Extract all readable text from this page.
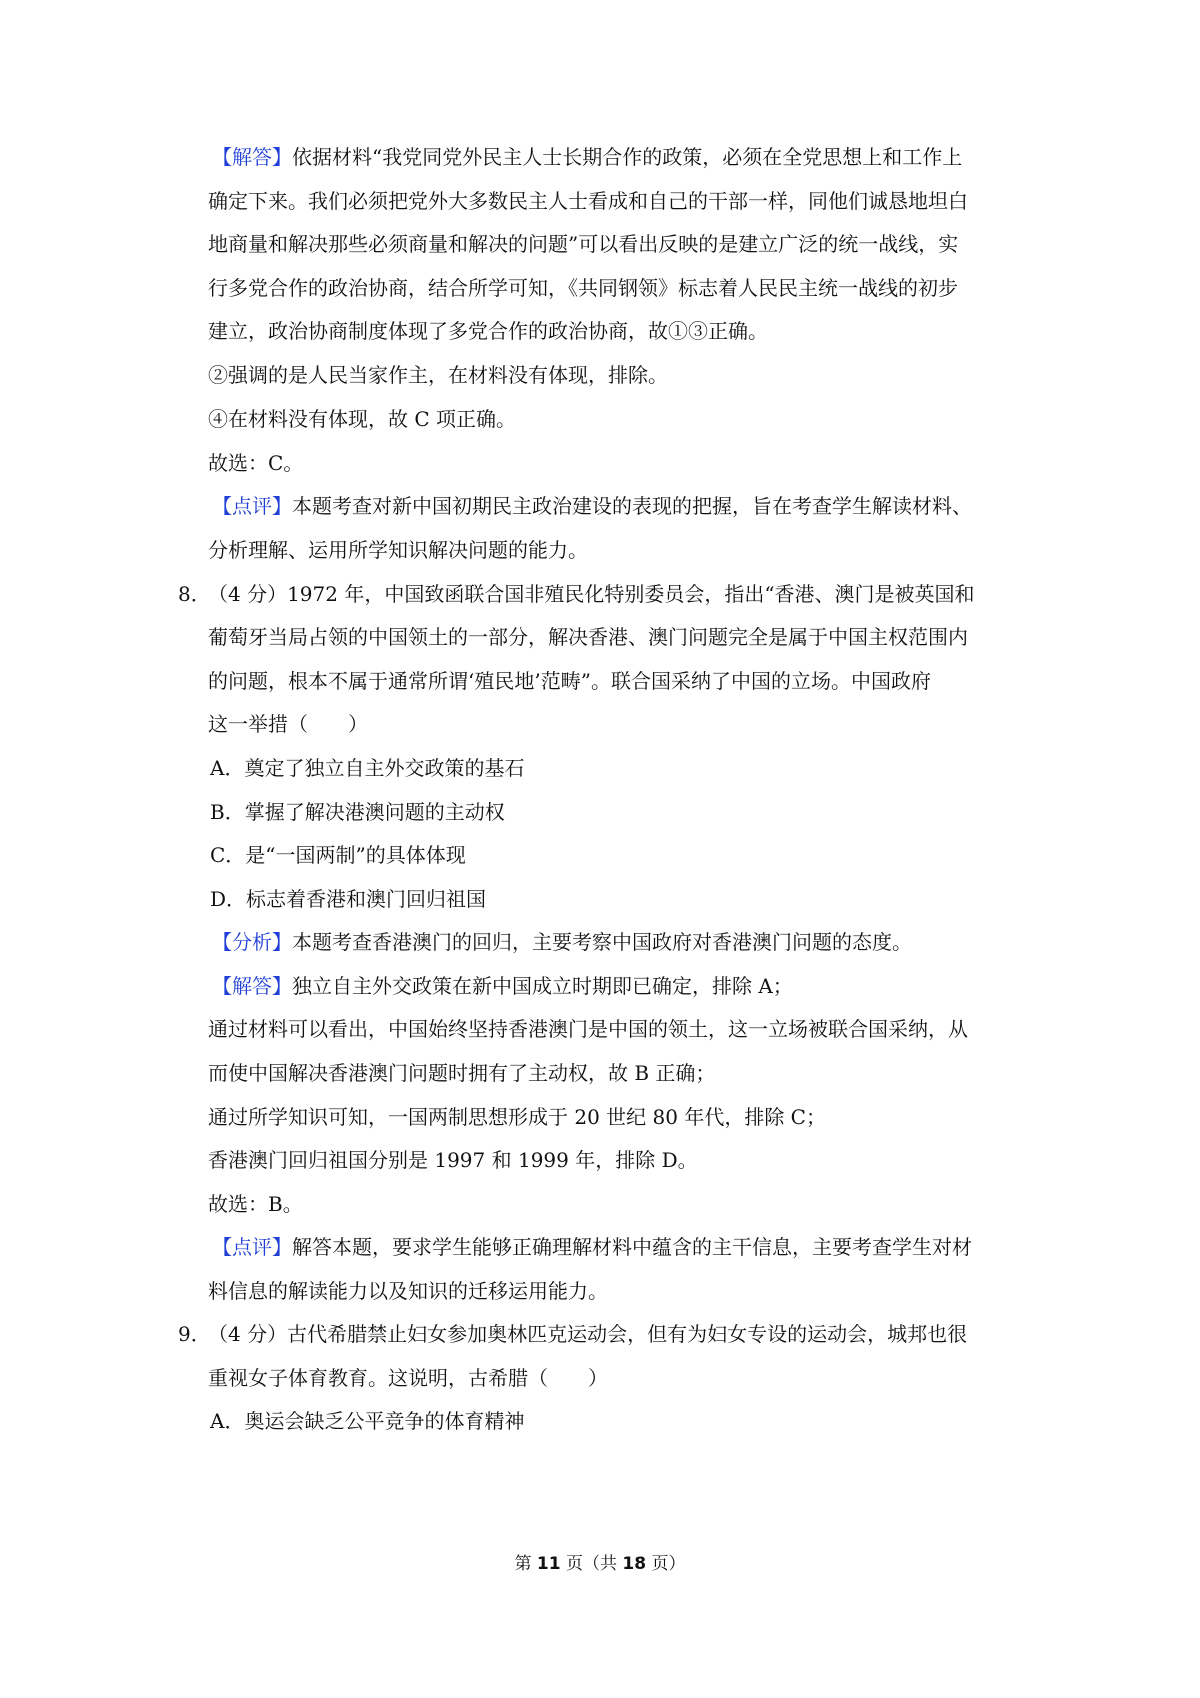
【解答】依据材料“我党同党外民主人士长期合作的政策，必须在全党思想上和工作上
确定下来。我们必须把党外大多数民主人士看成和自己的干部一样，同他们诚恳地坦白
地商量和解决那些必须商量和解决的问题”可以看出反映的是建立广泛的统一战线，实
行多党合作的政治协商，结合所学可知，《共同钢领》标志着人民民主统一战线的初步
建立，政治协商制度体现了多党合作的政治协商，故①③正确。
②强调的是人民当家作主，在材料没有体现，排除。
④在材料没有体现，故 C 项正确。
故选：C。
【点评】本题考查对新中国初期民主政治建设的表现的把握，旨在考查学生解读材料、
分析理解、运用所学知识解决问题的能力。
8．
（4 分）1972 年，中国致函联合国非殖民化特别委员会，指出“香港、澳门是被英国和
葡萄牙当局占领的中国领土的一部分，解决香港、澳门问题完全是属于中国主权范围内
的问题，根本不属于通常所谓‘殖民地’范畴”。联合国采纳了中国的立场。中国政府
这一举措（　　）
A．奠定了独立自主外交政策的基石
B．掌握了解决港澳问题的主动权
C．是“一国两制”的具体体现
D．标志着香港和澳门回归祖国
【分析】本题考查香港澳门的回归，主要考察中国政府对香港澳门问题的态度。
【解答】独立自主外交政策在新中国成立时期即已确定，排除 A；
通过材料可以看出，中国始终坚持香港澳门是中国的领土，这一立场被联合国采纳，从
而使中国解决香港澳门问题时拥有了主动权，故 B 正确；
通过所学知识可知，一国两制思想形成于 20 世纪 80 年代，排除 C；
香港澳门回归祖国分别是 1997 和 1999 年，排除 D。
故选：B。
【点评】解答本题，要求学生能够正确理解材料中蕴含的主干信息，主要考查学生对材
料信息的解读能力以及知识的迁移运用能力。
9．
（4 分）古代希腊禁止妇女参加奥林匹克运动会，但有为妇女专设的运动会，城邦也很
重视女子体育教育。这说明，古希腊（　　）
A．奥运会缺乏公平竞争的体育精神
第 11 页（共 18 页）
